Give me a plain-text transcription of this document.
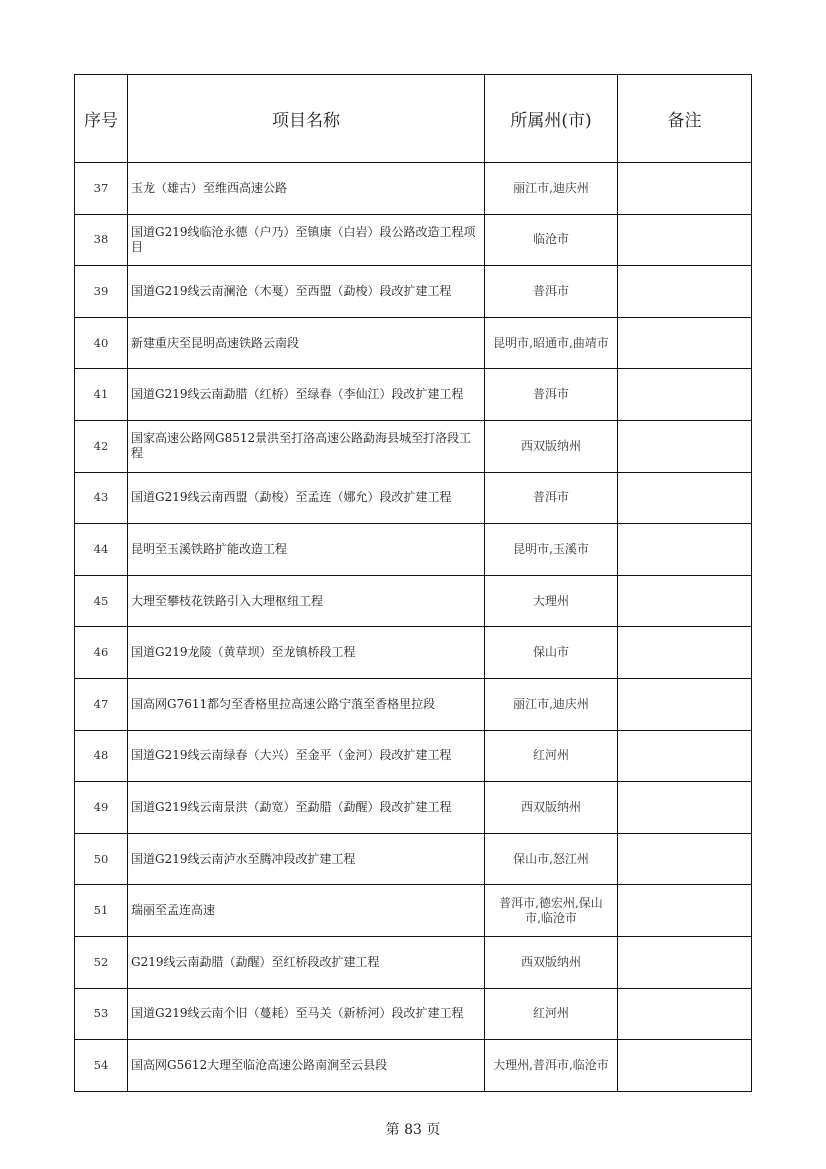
序号	项目名称	所属州(市)	备注
37	玉龙（雄古）至维西高速公路	丽江市,迪庆州	
38	国道G219线临沧永德（户乃）至镇康（白岩）段公路改造工程项目	临沧市	
39	国道G219线云南澜沧（木戛）至西盟（勐梭）段改扩建工程	普洱市	
40	新建重庆至昆明高速铁路云南段	昆明市,昭通市,曲靖市	
41	国道G219线云南勐腊（红桥）至绿春（李仙江）段改扩建工程	普洱市	
42	国家高速公路网G8512景洪至打洛高速公路勐海县城至打洛段工程	西双版纳州	
43	国道G219线云南西盟（勐梭）至孟连（娜允）段改扩建工程	普洱市	
44	昆明至玉溪铁路扩能改造工程	昆明市,玉溪市	
45	大理至攀枝花铁路引入大理枢纽工程	大理州	
46	国道G219龙陵（黄草坝）至龙镇桥段工程	保山市	
47	国高网G7611都匀至香格里拉高速公路宁蒗至香格里拉段	丽江市,迪庆州	
48	国道G219线云南绿春（大兴）至金平（金河）段改扩建工程	红河州	
49	国道G219线云南景洪（勐宽）至勐腊（勐醒）段改扩建工程	西双版纳州	
50	国道G219线云南泸水至腾冲段改扩建工程	保山市,怒江州	
51	瑞丽至孟连高速	普洱市,德宏州,保山市,临沧市	
52	G219线云南勐腊（勐醒）至红桥段改扩建工程	西双版纳州	
53	国道G219线云南个旧（蔓耗）至马关（新桥河）段改扩建工程	红河州	
54	国高网G5612大理至临沧高速公路南涧至云县段	大理州,普洱市,临沧市	
第 83 页
